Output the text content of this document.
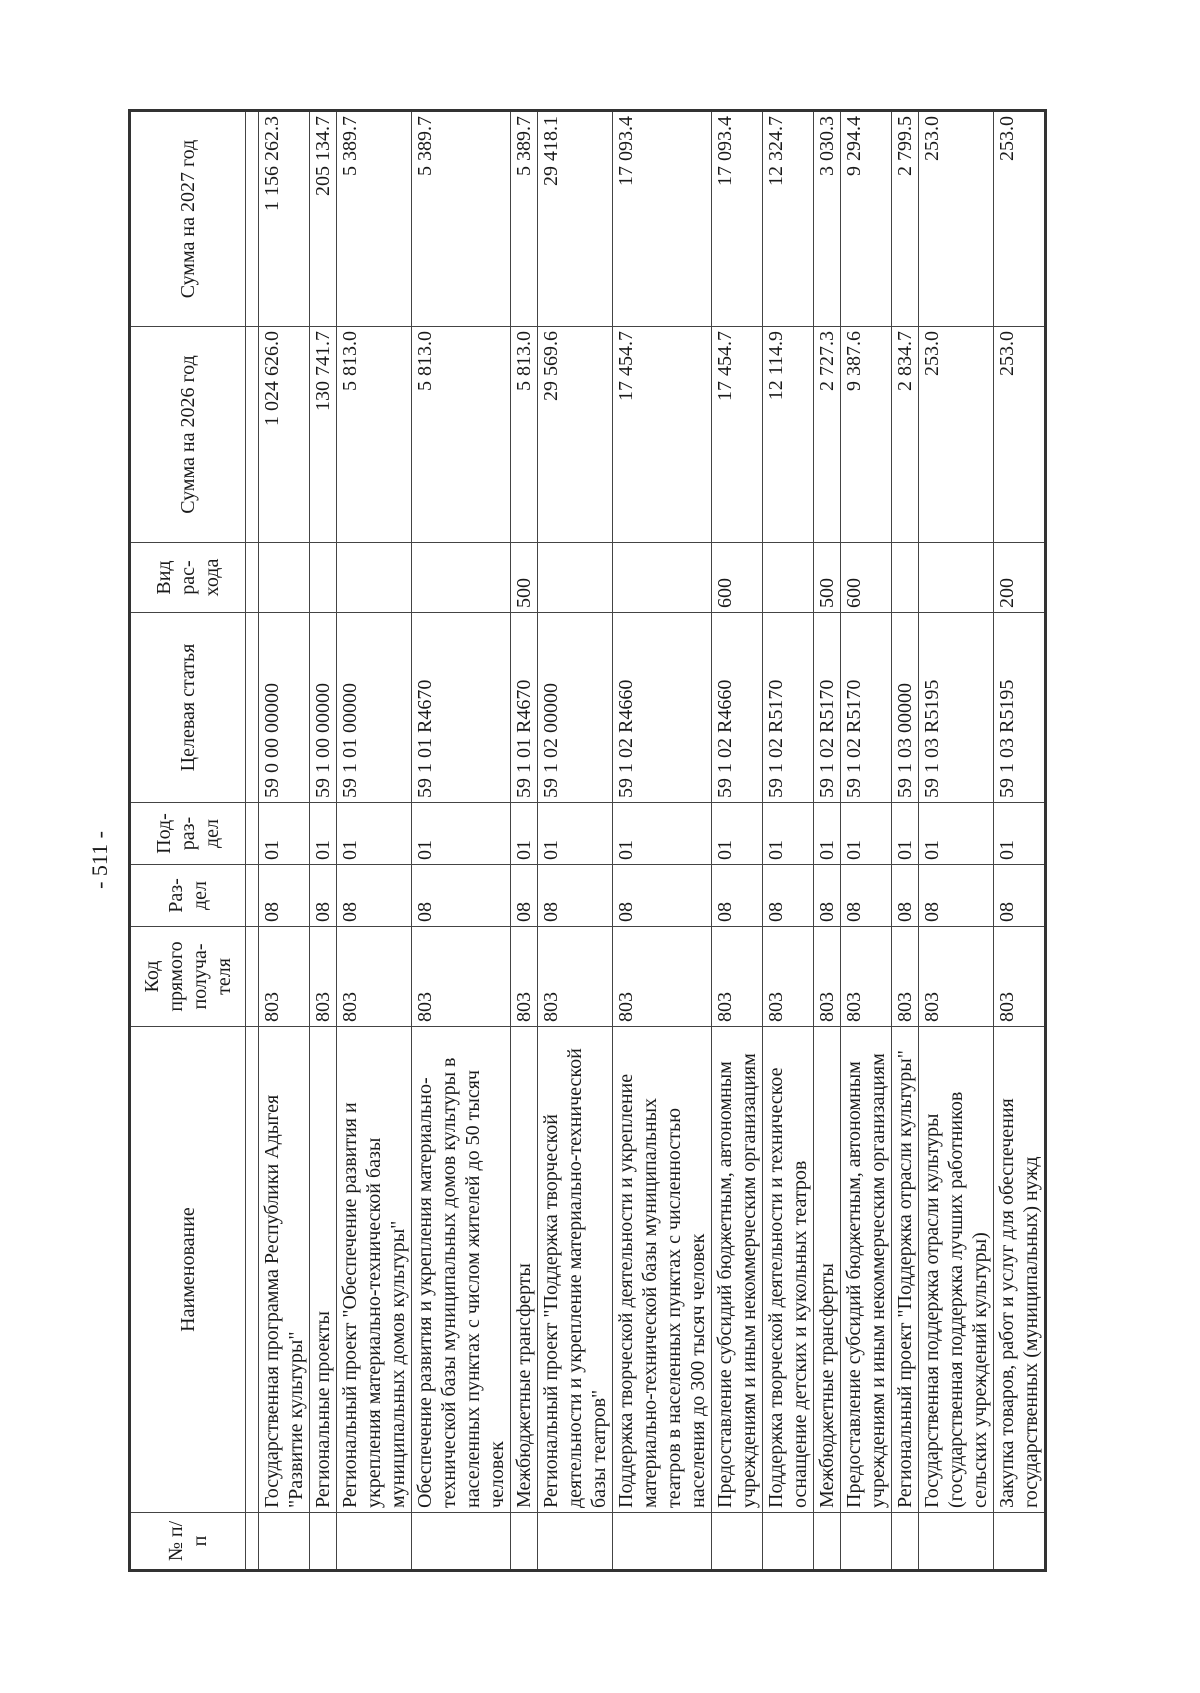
- 511 -
№ п/п	Наименование	Код прямого получа-теля	Раз-дел	Под-раз-дел	Целевая статья	Вид рас-хода	Сумма на 2026 год	Сумма на 2027 год

	Государственная программа Республики Адыгея "Развитие культуры"	803	08	01	59 0 00 00000		1 024 626.0	1 156 262.3
	Региональные проекты	803	08	01	59 1 00 00000		130 741.7	205 134.7
	Региональный проект "Обеспечение развития и укрепления материально-технической базы муниципальных домов культуры"	803	08	01	59 1 01 00000		5 813.0	5 389.7
	Обеспечение развития и укрепления материально-технической базы муниципальных домов культуры в населенных пунктах с числом жителей до 50 тысяч человек	803	08	01	59 1 01 R4670		5 813.0	5 389.7
	Межбюджетные трансферты	803	08	01	59 1 01 R4670	500	5 813.0	5 389.7
	Региональный проект "Поддержка творческой деятельности и укрепление материально-технической базы театров"	803	08	01	59 1 02 00000		29 569.6	29 418.1
	Поддержка творческой деятельности и укрепление материально-технической базы муниципальных театров в населенных пунктах с численностью населения до 300 тысяч человек	803	08	01	59 1 02 R4660		17 454.7	17 093.4
	Предоставление субсидий бюджетным, автономным учреждениям и иным некоммерческим организациям	803	08	01	59 1 02 R4660	600	17 454.7	17 093.4
	Поддержка творческой деятельности и техническое оснащение детских и кукольных театров	803	08	01	59 1 02 R5170		12 114.9	12 324.7
	Межбюджетные трансферты	803	08	01	59 1 02 R5170	500	2 727.3	3 030.3
	Предоставление субсидий бюджетным, автономным учреждениям и иным некоммерческим организациям	803	08	01	59 1 02 R5170	600	9 387.6	9 294.4
	Региональный проект "Поддержка отрасли культуры"	803	08	01	59 1 03 00000		2 834.7	2 799.5
	Государственная поддержка отрасли культуры (государственная поддержка лучших работников сельских учреждений культуры)	803	08	01	59 1 03 R5195		253.0	253.0
	Закупка товаров, работ и услуг для обеспечения государственных (муниципальных) нужд	803	08	01	59 1 03 R5195	200	253.0	253.0
